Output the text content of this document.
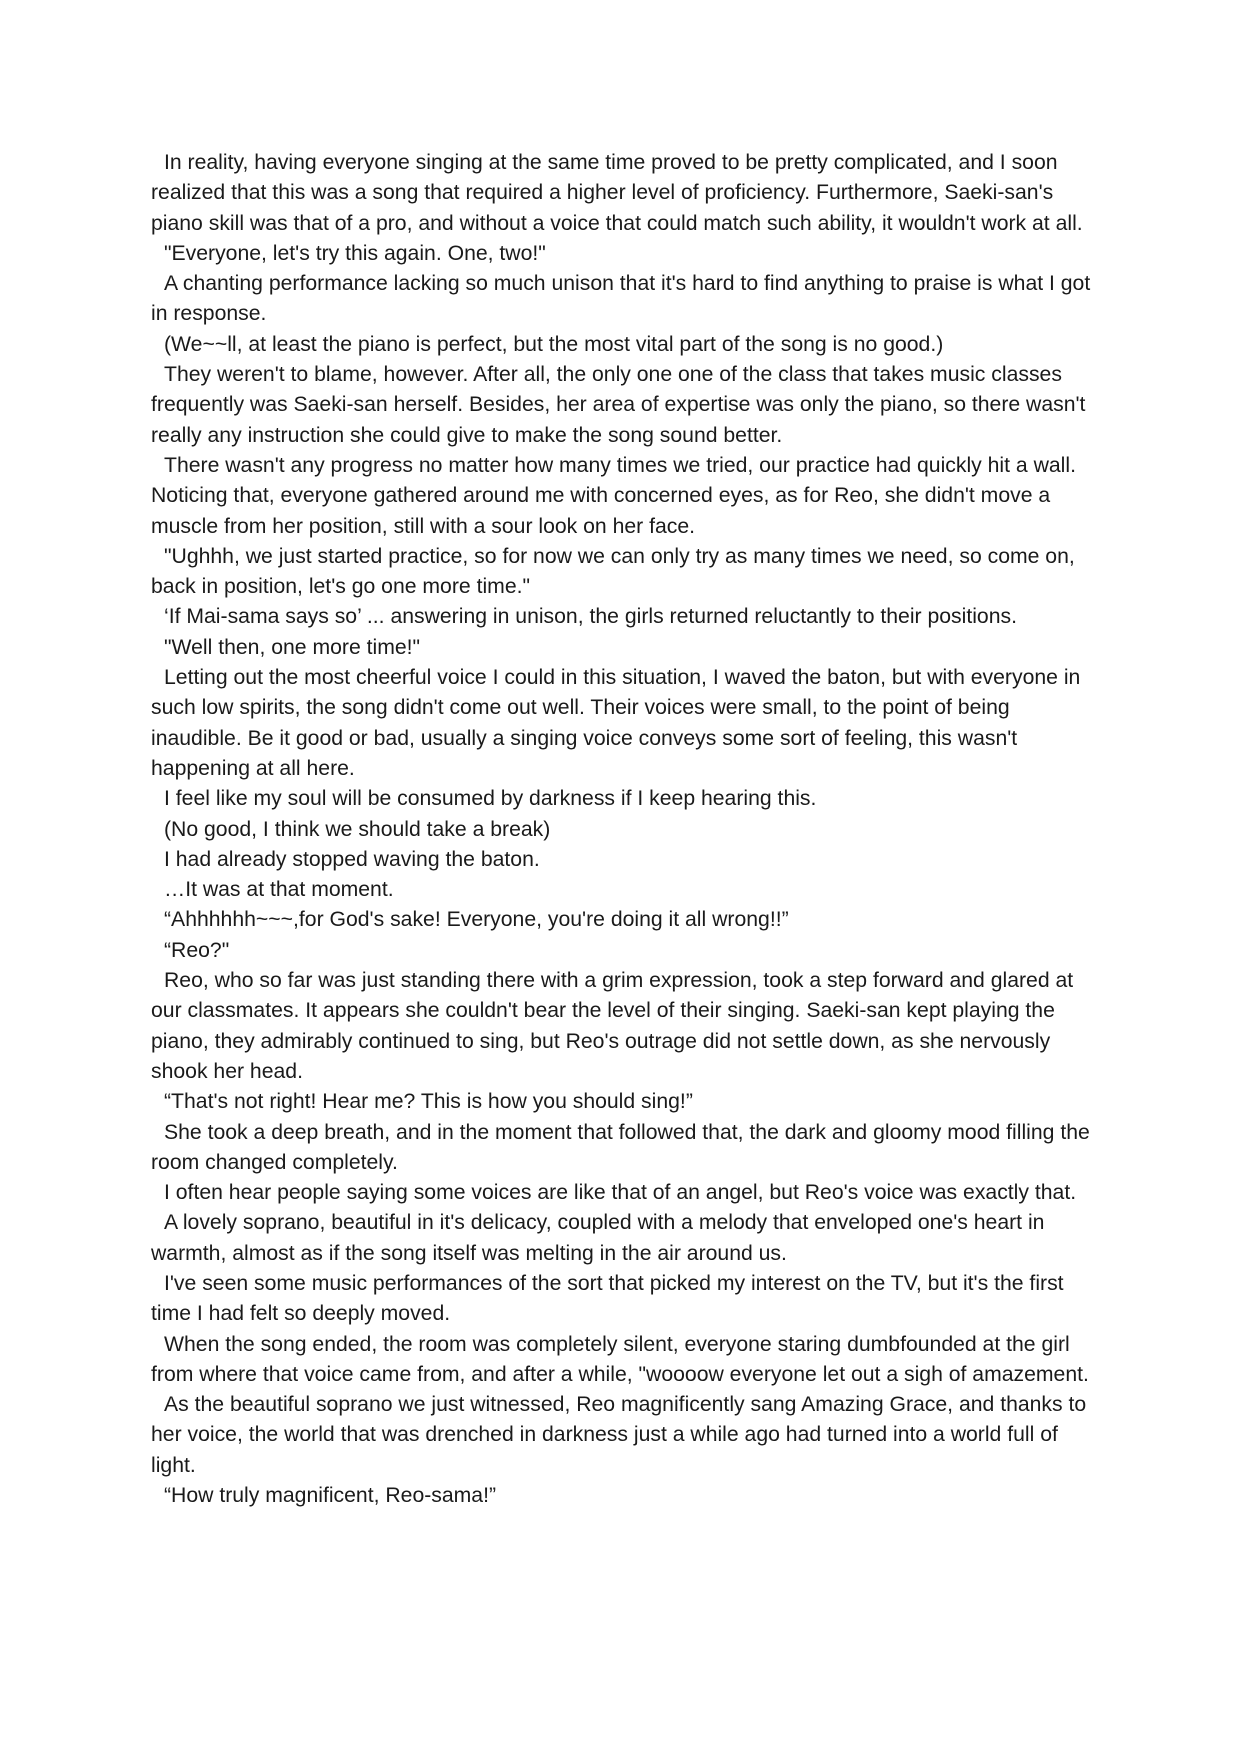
In reality, having everyone singing at the same time proved to be pretty complicated, and I soon realized that this was a song that required a higher level of proficiency. Furthermore, Saeki-san's piano skill was that of a pro, and without a voice that could match such ability, it wouldn't work at all.

"Everyone, let's try this again. One, two!"

A chanting performance lacking so much unison that it's hard to find anything to praise is what I got in response.

(We~~ll, at least the piano is perfect, but the most vital part of the song is no good.)

They weren't to blame, however. After all, the only one one of the class that takes music classes frequently was Saeki-san herself. Besides, her area of expertise was only the piano, so there wasn't really any instruction she could give to make the song sound better.

There wasn't any progress no matter how many times we tried, our practice had quickly hit a wall. Noticing that, everyone gathered around me with concerned eyes, as for Reo, she didn't move a muscle from her position, still with a sour look on her face.

"Ughhh, we just started practice, so for now we can only try as many times we need, so come on, back in position, let's go one more time."

‘If Mai-sama says so’ ... answering in unison, the girls returned reluctantly to their positions.

"Well then, one more time!"

Letting out the most cheerful voice I could in this situation, I waved the baton, but with everyone in such low spirits, the song didn't come out well. Their voices were small, to the point of being inaudible. Be it good or bad, usually a singing voice conveys some sort of feeling, this wasn't happening at all here.

I feel like my soul will be consumed by darkness if I keep hearing this.

(No good, I think we should take a break)

I had already stopped waving the baton.

…It was at that moment.

“Ahhhhhh~~~,for God's sake! Everyone, you're doing it all wrong!!”

“Reo?"

Reo, who so far was just standing there with a grim expression, took a step forward and glared at our classmates. It appears she couldn't bear the level of their singing. Saeki-san kept playing the piano, they admirably continued to sing, but Reo's outrage did not settle down, as she nervously shook her head.

“That's not right! Hear me? This is how you should sing!”

She took a deep breath, and in the moment that followed that, the dark and gloomy mood filling the room changed completely.

I often hear people saying some voices are like that of an angel, but Reo's voice was exactly that.

A lovely soprano, beautiful in it's delicacy, coupled with a melody that enveloped one's heart in warmth, almost as if the song itself was melting in the air around us.

I've seen some music performances of the sort that picked my interest on the TV, but it's the first time I had felt so deeply moved.

When the song ended, the room was completely silent, everyone staring dumbfounded at the girl from where that voice came from, and after a while, "woooow everyone let out a sigh of amazement.

As the beautiful soprano we just witnessed, Reo magnificently sang Amazing Grace, and thanks to her voice, the world that was drenched in darkness just a while ago had turned into a world full of light.

“How truly magnificent, Reo-sama!”
